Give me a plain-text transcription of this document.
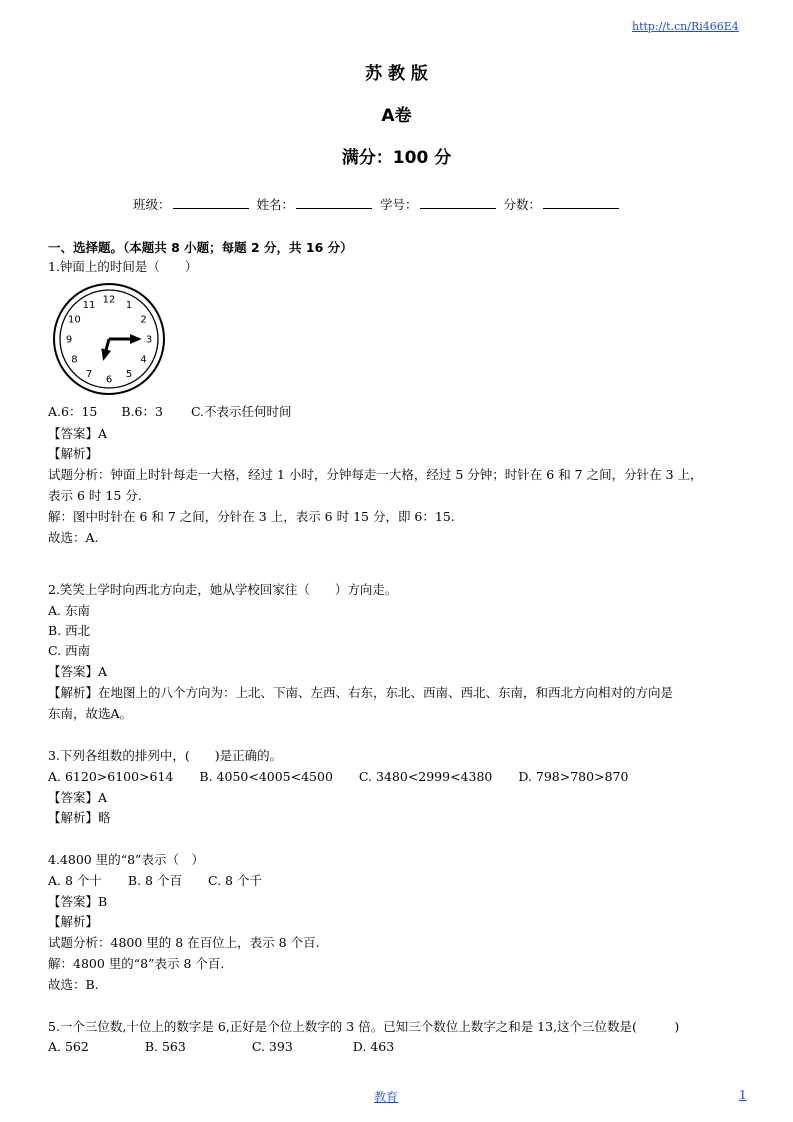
http://t.cn/Ri466E4
苏 教 版
A卷
满分：100 分
班级：	姓名：	学号：	分数：
一、选择题。（本题共 8 小题；每题 2 分，共 16 分）
1.钟面上的时间是（　　）
12 1
2
3
4
5
6
7
8
9
10
11
A.6：15 B.6：3 C.不表示任何时间
【答案】A
【解析】
试题分析：钟面上时针每走一大格，经过 1 小时，分钟每走一大格，经过 5 分钟；时针在 6 和 7 之间，分针在 3 上，
表示 6 时 15 分.
解：图中时针在 6 和 7 之间，分针在 3 上，表示 6 时 15 分，即 6：15.
故选：A.
2.笑笑上学时向西北方向走，她从学校回家往（　　）方向走。
A. 东南
B. 西北
C. 西南
【答案】A
【解析】在地图上的八个方向为：上北、下南、左西、右东，东北、西南、西北、东南，和西北方向相对的方向是
东南，故选A。
3.下列各组数的排列中，(　　)是正确的。
A. 6120>6100>614 B. 4050<4005<4500 C. 3480<2999<4380 D. 798>780>870
【答案】A
【解析】略
4.4800 里的“8”表示（　）
A. 8 个十 B. 8 个百 C. 8 个千
【答案】B
【解析】
试题分析：4800 里的 8 在百位上，表示 8 个百.
解：4800 里的“8”表示 8 个百.
故选：B.
5.一个三位数,十位上的数字是 6,正好是个位上数字的 3 倍。已知三个数位上数字之和是 13,这个三位数是(　　　)
A. 562	B. 563	C. 393	D. 463
教育	1
